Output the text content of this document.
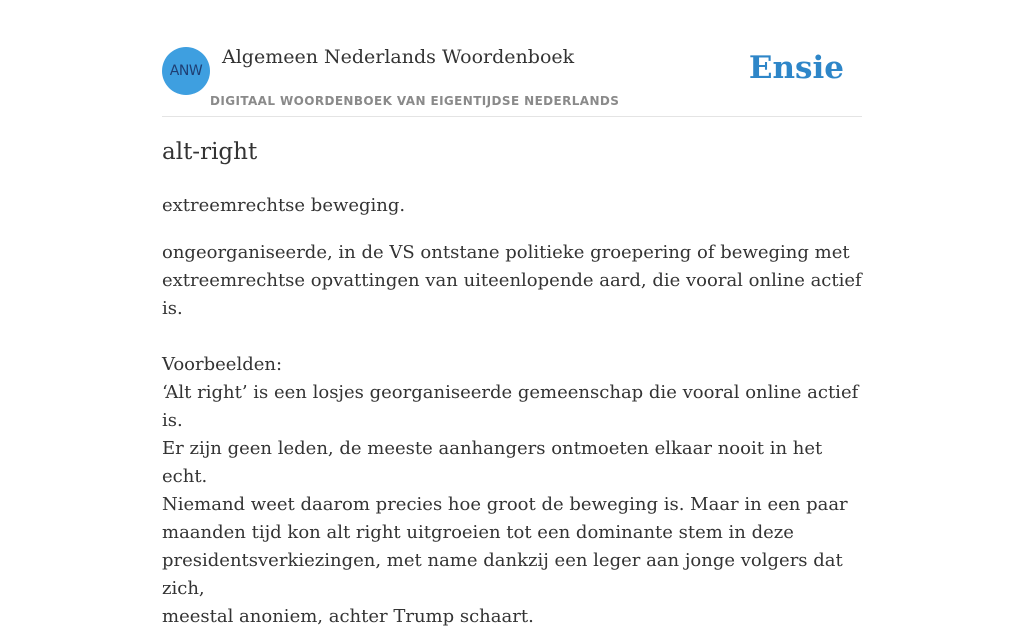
ANW
Algemeen Nederlands Woordenboek
DIGITAAL WOORDENBOEK VAN EIGENTIJDSE NEDERLANDS
Ensie
alt-right
extreemrechtse beweging.

ongeorganiseerde, in de VS ontstane politieke groepering of beweging met

extreemrechtse opvattingen van uiteenlopende aard, die vooral online actief is.

Voorbeelden:

‘Alt right’ is een losjes georganiseerde gemeenschap die vooral online actief is.

Er zijn geen leden, de meeste aanhangers ontmoeten elkaar nooit in het echt.

Niemand weet daarom precies hoe groot de beweging is. Maar in een paar

maanden tijd kon alt right uitgroeien tot een dominante stem in deze

presidentsverkiezingen, met name dankzij een leger aan jonge volgers dat zich,

meestal anoniem, achter Trump schaart.
